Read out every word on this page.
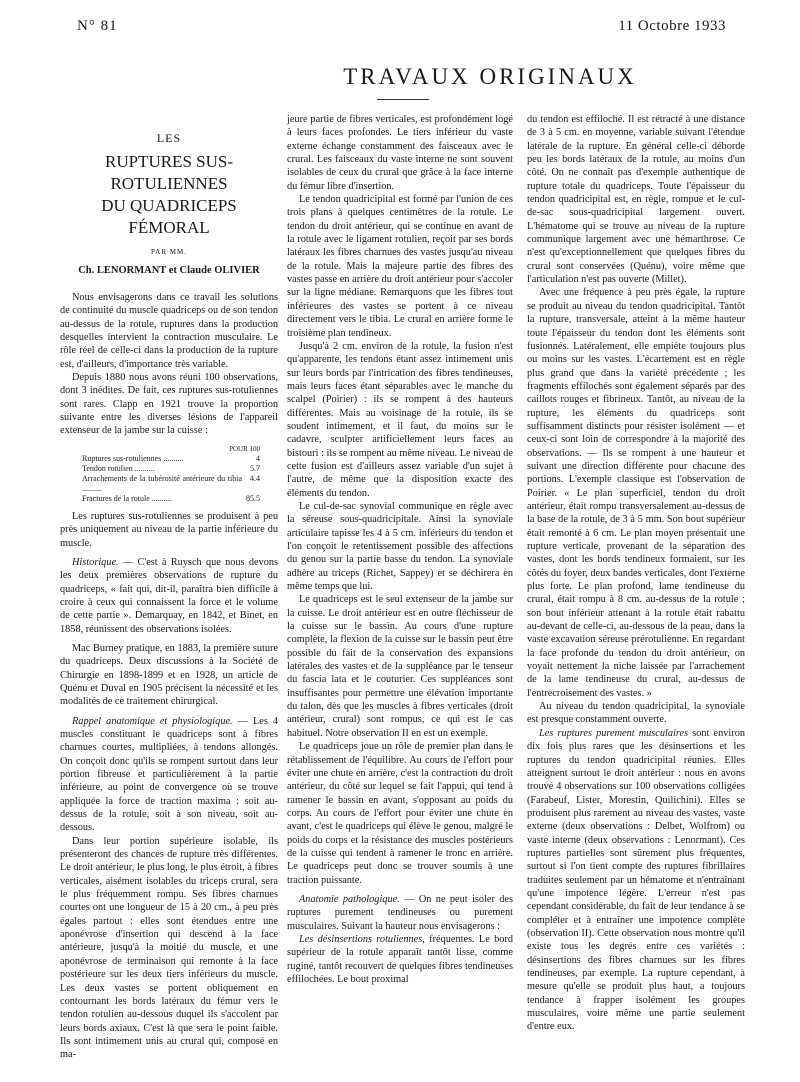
N° 81	11 Octobre 1933
TRAVAUX ORIGINAUX
LES
RUPTURES SUS-ROTULIENNES
DU QUADRICEPS FÉMORAL
PAR MM.
Ch. LENORMANT et Claude OLIVIER

Nous envisagerons dans ce travail les solutions de continuité du muscle quadriceps ou de son tendon au-dessus de la rotule, ruptures dans la production desquelles intervient la contraction musculaire. Le rôle réel de celle-ci dans la production de la rupture est, d'ailleurs, d'importance très variable.

Depuis 1880 nous avons réuni 100 observations, dont 3 inédites. De fait, ces ruptures sus-rotuliennes sont rares. Clapp en 1921 trouve la proportion suivante entre les diverses lésions de l'appareil extenseur de la jambe sur la cuisse :

POUR 100
Ruptures sus-rotuliennes ..........	4
Tendon rotulien ..........	5.7
Arrachements de la tubérosité antérieure du tibia ..........
4.4
Fractures de la rotule ..........	85.5

Les ruptures sus-rotuliennes se produisent à peu près uniquement au niveau de la partie inférieure du muscle.

Historique. — C'est à Ruysch que nous devons les deux premières observations de rupture du quadriceps, « fait qui, dit-il, paraîtra bien difficile à croire à ceux qui connaissent la force et le volume de cette partie ». Demarquay, en 1842, et Binet, en 1858, réunissent des observations isolées.

Mac Burney pratique, en 1883, la première suture du quadriceps. Deux discussions à la Société de Chirurgie en 1898-1899 et en 1928, un article de Quénu et Duval en 1905 précisent la nécessité et les modalités de ce traitement chirurgical.

Rappel anatomique et physiologique. — Les 4 muscles constituant le quadriceps sont à fibres charnues courtes, multipliées, à tendons allongés. On conçoit donc qu'ils se rompent surtout dans leur portion fibreuse et particulièrement à la partie inférieure, au point de convergence où se trouve appliquée la force de traction maxima : soit au-dessus de la rotule, soit à son niveau, soit au-dessous.

Dans leur portion supérieure isolable, ils présenteront des chances de rupture très différentes. Le droit antérieur, le plus long, le plus étroit, à fibres verticales, aisément isolables du triceps crural, sera le plus fréquemment rompu. Ses fibres charnues courtes ont une longueur de 15 à 20 cm., à peu près égales partout : elles sont étendues entre une aponévrose d'insertion qui descend à la face antérieure, jusqu'à la moitié du muscle, et une aponévrose de terminaison qui remonte à la face postérieure sur les deux tiers inférieurs du muscle. Les deux vastes se portent obliquement en contournant les bords latéraux du fémur vers le tendon rotulien au-dessous duquel ils s'accolent par leurs bords axiaux. C'est là que sera le point faible. Ils sont intimement unis au crural qui, composé en ma-

jeure partie de fibres verticales, est profondément logé à leurs faces profondes. Le tiers inférieur du vaste externe échange constamment des faisceaux avec le crural. Les faisceaux du vaste interne ne sont souvent isolables de ceux du crural que grâce à la face interne du fémur libre d'insertion.

Le tendon quadricipital est formé par l'union de ces trois plans à quelques centimètres de la rotule. Le tendon du droit antérieur, qui se continue en avant de la rotule avec le ligament rotulien, reçoit par ses bords latéraux les fibres charnues des vastes jusqu'au niveau de la rotule. Mais la majeure partie des fibres des vastes passe en arrière du droit antérieur pour s'accoler sur la ligne médiane. Remarquons que les fibres tout inférieures des vastes se portent à ce niveau directement vers le tibia. Le crural en arrière forme le troisième plan tendineux.

Jusqu'à 2 cm. environ de la rotule, la fusion n'est qu'apparente, les tendons étant assez intimement unis sur leurs bords par l'intrication des fibres tendineuses, mais leurs faces étant séparables avec le manche du scalpel (Poirier) : ils se rompent à des hauteurs différentes. Mais au voisinage de la rotule, ils se soudent intimement, et il faut, du moins sur le cadavre, sculpter artificiellement leurs faces au bistouri : ils se rompent au même niveau. Le niveau de cette fusion est d'ailleurs assez variable d'un sujet à l'autre, de même que la disposition exacte des éléments du tendon.

Le cul-de-sac synovial communique en règle avec la séreuse sous-quadricipitale. Ainsi la synoviale articulaire tapisse les 4 à 5 cm. inférieurs du tendon et l'on conçoit le retentissement possible des affections du genou sur la partie basse du tendon. La synoviale adhère au triceps (Richet, Sappey) et se déchirera en même temps que lui.

Le quadriceps est le seul extenseur de la jambe sur la cuisse. Le droit antérieur est en outre fléchisseur de la cuisse sur le bassin. Au cours d'une rupture complète, la flexion de la cuisse sur le bassin peut être possible du fait de la conservation des expansions latérales des vastes et de la suppléance par le tenseur du fascia lata et le couturier. Ces suppléances sont insuffisantes pour permettre une élévation importante du talon, dès que les muscles à fibres verticales (droit antérieur, crural) sont rompus, ce qui est le cas habituel. Notre observation II en est un exemple.

Le quadriceps joue un rôle de premier plan dans le rétablissement de l'équilibre. Au cours de l'effort pour éviter une chute en arrière, c'est la contraction du droit antérieur, du côté sur lequel se fait l'appui, qui tend à ramener le bassin en avant, s'opposant au poids du corps. Au cours de l'effort pour éviter une chute en avant, c'est le quadriceps qui élève le genou, malgré le poids du corps et la résistance des muscles postérieurs de la cuisse qui tendent à ramener le tronc en arrière. Le quadriceps peut donc se trouver soumis à une traction puissante.

Anatomie pathologique. — On ne peut isoler des ruptures purement tendineuses ou purement musculaires. Suivant la hauteur nous envisagerons :

Les désinsertions rotuliennes, fréquentes. Le bord supérieur de la rotule apparaît tantôt lisse, comme ruginé, tantôt recouvert de quelques fibres tendineuses effilochées. Le bout proximal

du tendon est effiloché. Il est rétracté à une distance de 3 à 5 cm. en moyenne, variable suivant l'étendue latérale de la rupture. En général celle-ci déborde peu les bords latéraux de la rotule, au moins d'un côté. On ne connaît pas d'exemple authentique de rupture totale du quadriceps. Toute l'épaisseur du tendon quadricipital est, en règle, rompue et le cul-de-sac sous-quadricipital largement ouvert. L'hématome qui se trouve au niveau de la rupture communique largement avec une hémarthrose. Ce n'est qu'exceptionnellement que quelques fibres du crural sont conservées (Quénu), voire même que l'articulation n'est pas ouverte (Millet).

Avec une fréquence à peu près égale, la rupture se produit au niveau du tendon quadricipital. Tantôt la rupture, transversale, atteint à la même hauteur toute l'épaisseur du tendon dont les éléments sont fusionnés. Latéralement, elle empiète toujours plus ou moins sur les vastes. L'écartement est en règle plus grand que dans la variété précédente ; les fragments effilochés sont également séparés par des caillots rouges et fibrineux. Tantôt, au niveau de la rupture, les éléments du quadriceps sont suffisamment distincts pour résister isolément — et ceux-ci sont loin de correspondre à la majorité des observations. — Ils se rompent à une hauteur et suivant une direction différente pour chacune des portions. L'exemple classique est l'observation de Poirier. « Le plan superficiel, tendon du droit antérieur, était rompu transversalement au-dessus de la base de la rotule, de 3 à 5 mm. Son bout supérieur était remonté à 6 cm. Le plan moyen présentait une rupture verticale, provenant de la séparation des vastes, dont les bords tendineux formaient, sur les côtés du foyer, deux bandes verticales, dont l'externe plus forte. Le plan profond, lame tendineuse du crural, était rompu à 8 cm. au-dessus de la rotule ; son bout inférieur attenant à la rotule était rabattu au-devant de celle-ci, au-dessous de la peau, dans la vaste excavation séreuse prérotulienne. En regardant la face profonde du tendon du droit antérieur, on voyait nettement la niche laissée par l'arrachement de la lame tendineuse du crural, au-dessus de l'entrecroisement des vastes. »

Au niveau du tendon quadricipital, la synoviale est presque constamment ouverte.

Les ruptures purement musculaires sont environ dix fois plus rares que les désinsertions et les ruptures du tendon quadricipital réunies. Elles atteignent surtout le droit antérieur : nous en avons trouvé 4 observations sur 100 observations colligées (Farabeuf, Lister, Morestin, Quilichini). Elles se produisent plus rarement au niveau des vastes, vaste externe (deux observations : Delbet, Wolfrom) ou vaste interne (deux observations : Lenormant). Ces ruptures partielles sont sûrement plus fréquentes, surtout si l'on tient compte des ruptures fibrillaires traduites seulement par un hématome et n'entraînant qu'une impotence légère. L'erreur n'est pas cependant considérable, du fait de leur tendance à se compléter et à entraîner une impotence complète (observation II). Cette observation nous montre qu'il existe tous les degrés entre ces variétés : désinsertions des fibres charnues sur les fibres tendineuses, par exemple. La rupture cependant, à mesure qu'elle se produit plus haut, a toujours tendance à frapper isolément les groupes musculaires, voire même une partie seulement d'entre eux.
